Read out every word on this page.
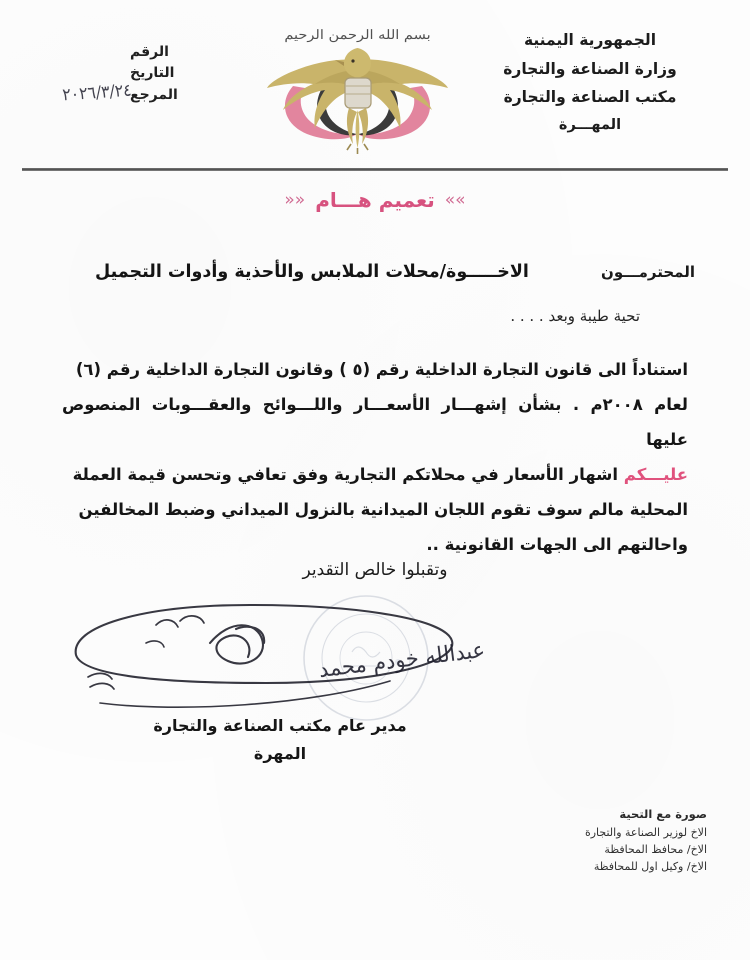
الجمهورية اليمنية
وزارة الصناعة والتجارة
مكتب الصناعة والتجارة
المهـــرة
بسم الله الرحمن الرحيم
الرقم
التاريخ
المرجع
٢٠٢٦/٣/٢٤
»»تعميم هـــام««
الاخـــــوة/محلات الملابس والأحذية وأدوات التجميل	المحترمـــون
تحية طيبة وبعد . . . .

استناداً الى قانون التجارة الداخلية رقم (٥ ) وقانون التجارة الداخلية رقم (٦)

لعام ٢٠٠٨م . بشأن إشهـــار الأسعـــار واللـــوائح والعقـــوبات المنصوص عليها

عليـــكم اشهار الأسعار في محلاتكم التجارية وفق تعافي وتحسن قيمة العملة

المحلية مالم سوف تقوم اللجان الميدانية بالنزول الميداني وضبط المخالفين

واحالتهم الى الجهات القانونية ..

وتقبلوا خالص التقدير
عبدالله خودم محمد
مدير عام مكتب الصناعة والتجارة
المهرة
صورة مع التحية
الاخ لوزير الصناعة والتجارة
الاخ/ محافظ المحافظة
الاخ/ وكيل اول للمحافظة
